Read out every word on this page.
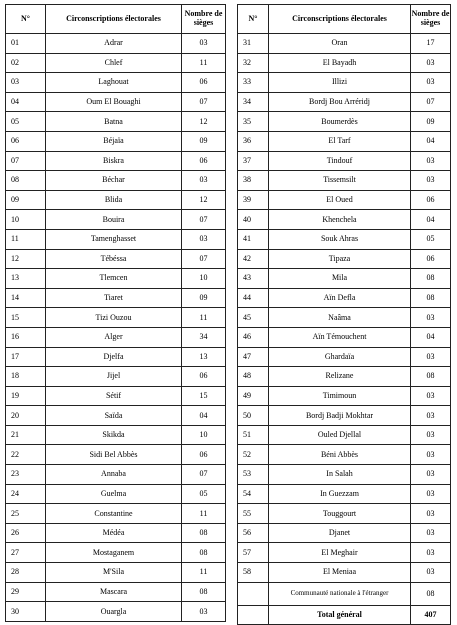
N°	Circonscriptions électorales	Nombre de sièges
01	Adrar	03
02	Chlef	11
03	Laghouat	06
04	Oum El Bouaghi	07
05	Batna	12
06	Béjaïa	09
07	Biskra	06
08	Béchar	03
09	Blida	12
10	Bouira	07
11	Tamenghasset	03
12	Tébéssa	07
13	Tlemcen	10
14	Tiaret	09
15	Tizi Ouzou	11
16	Alger	34
17	Djelfa	13
18	Jijel	06
19	Sétif	15
20	Saïda	04
21	Skikda	10
22	Sidi Bel Abbès	06
23	Annaba	07
24	Guelma	05
25	Constantine	11
26	Médéa	08
27	Mostaganem	08
28	M'Sila	11
29	Mascara	08
30	Ouargla	03
N°	Circonscriptions électorales	Nombre de sièges
31	Oran	17
32	El Bayadh	03
33	Illizi	03
34	Bordj Bou Arréridj	07
35	Boumerdès	09
36	El Tarf	04
37	Tindouf	03
38	Tissemsilt	03
39	El Oued	06
40	Khenchela	04
41	Souk Ahras	05
42	Tipaza	06
43	Mila	08
44	Aïn Defla	08
45	Naâma	03
46	Aïn Témouchent	04
47	Ghardaïa	03
48	Relizane	08
49	Timimoun	03
50	Bordj Badji Mokhtar	03
51	Ouled Djellal	03
52	Béni Abbès	03
53	In Salah	03
54	In Guezzam	03
55	Touggourt	03
56	Djanet	03
57	El Meghair	03
58	El Meniaa	03
	Communauté nationale à l'étranger	08
	Total général	407
